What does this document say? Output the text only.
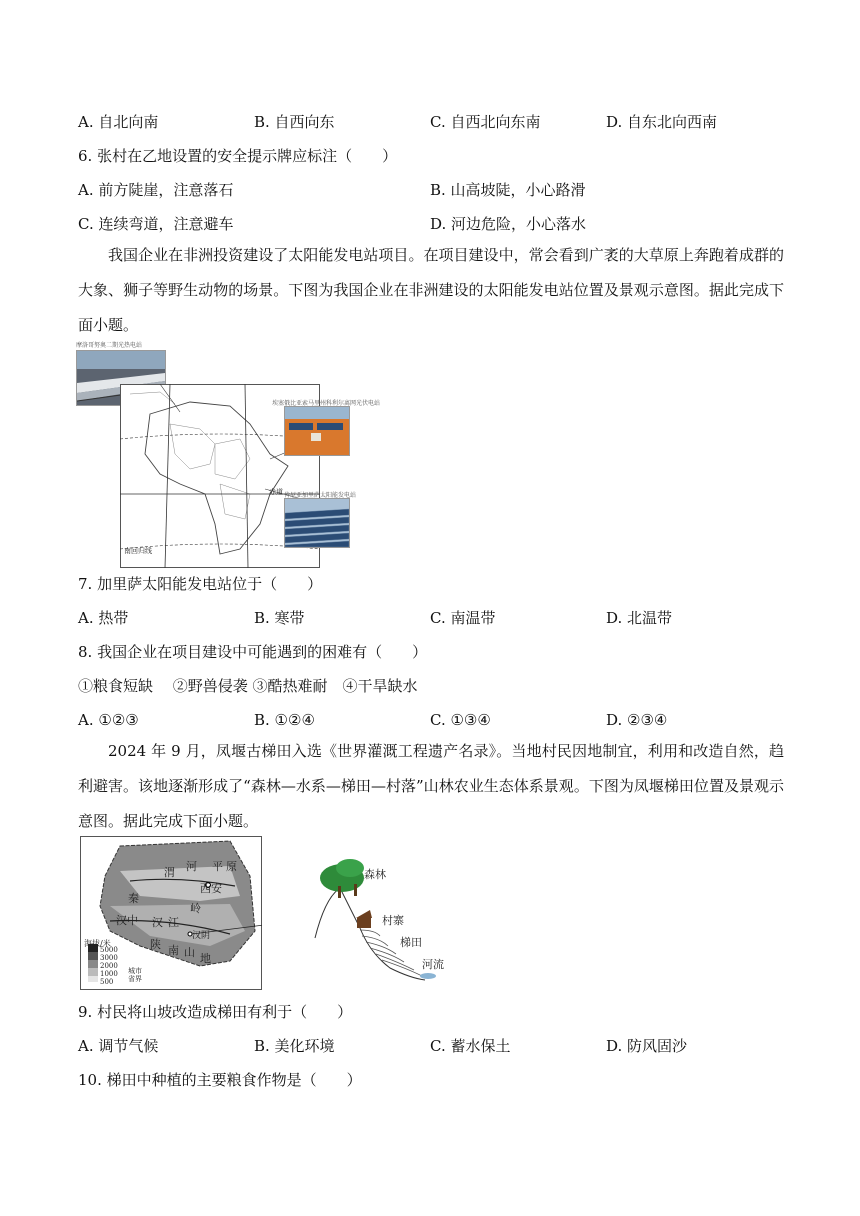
A. 自北向南	B. 自西向东	C. 自西北向东南	D. 自东北向西南
6. 张村在乙地设置的安全提示牌应标注（　　）
A. 前方陡崖，注意落石	B. 山高坡陡，小心路滑
C. 连续弯道，注意避车	D. 河边危险，小心落水
我国企业在非洲投资建设了太阳能发电站项目。在项目建设中，常会看到广袤的大草原上奔跑着成群的大象、狮子等野生动物的场景。下图为我国企业在非洲建设的太阳能发电站位置及景观示意图。据此完成下面小题。
摩洛哥努奥二期光热电站
赤道
南回归线
埃塞俄比亚索马里州科利尔离网光伏电站
肯尼亚加里萨太阳能发电站
7. 加里萨太阳能发电站位于（　　）
A. 热带	B. 寒带	C. 南温带	D. 北温带
8. 我国企业在项目建设中可能遇到的困难有（　　）
①粮食短缺　 ②野兽侵袭 ③酷热难耐　④干旱缺水
A. ①②③	B. ①②④	C. ①③④	D. ②③④
2024 年 9 月，凤堰古梯田入选《世界灌溉工程遗产名录》。当地村民因地制宜，利用和改造自然，趋利避害。该地逐渐形成了“森林—水系—梯田—村落”山林农业生态体系景观。下图为凤堰梯田位置及景观示意图。据此完成下面小题。
海拔/米
5000
3000
2000
1000
500
城市
省界
渭 河 平 原
西安
秦
岭
汉中 汉 江
陕 南 山 地
汉阴
森林
村寨
梯田
河流
9. 村民将山坡改造成梯田有利于（　　）
A. 调节气候	B. 美化环境	C. 蓄水保土	D. 防风固沙
10. 梯田中种植的主要粮食作物是（　　）
